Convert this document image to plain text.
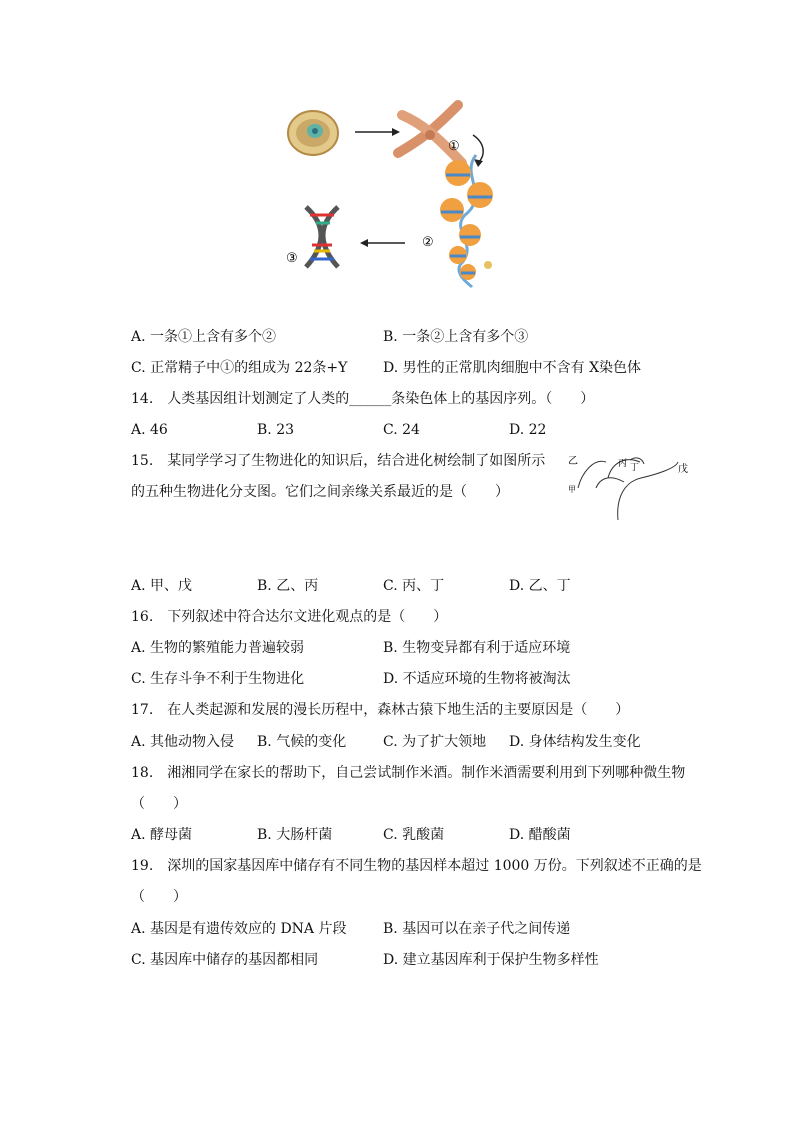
①
②
③
A. 一条①上含有多个②	B. 一条②上含有多个③
C. 正常精子中①的组成为 22条+Y	D. 男性的正常肌肉细胞中不含有 X染色体
14.　人类基因组计划测定了人类的______条染色体上的基因序列。（　　）
A. 46	B. 23	C. 24	D. 22
15.　某同学学习了生物进化的知识后，结合进化树绘制了如图所示
的五种生物进化分支图。它们之间亲缘关系最近的是（　　）
乙	丙 丁
甲
戊
A. 甲、戊	B. 乙、丙	C. 丙、丁	D. 乙、丁
16.　下列叙述中符合达尔文进化观点的是（　　）
A. 生物的繁殖能力普遍较弱	B. 生物变异都有利于适应环境
C. 生存斗争不利于生物进化	D. 不适应环境的生物将被淘汰
17.　在人类起源和发展的漫长历程中，森林古猿下地生活的主要原因是（　　）
A. 其他动物入侵 B. 气候的变化	C. 为了扩大领地 D. 身体结构发生变化
18.　湘湘同学在家长的帮助下，自己尝试制作米酒。制作米酒需要利用到下列哪种微生物
（　　）
A. 酵母菌	B. 大肠杆菌	C. 乳酸菌	D. 醋酸菌
19.　深圳的国家基因库中储存有不同生物的基因样本超过 1000 万份。下列叙述不正确的是
（　　）
A. 基因是有遗传效应的 DNA 片段	B. 基因可以在亲子代之间传递
C. 基因库中储存的基因都相同	D. 建立基因库利于保护生物多样性
